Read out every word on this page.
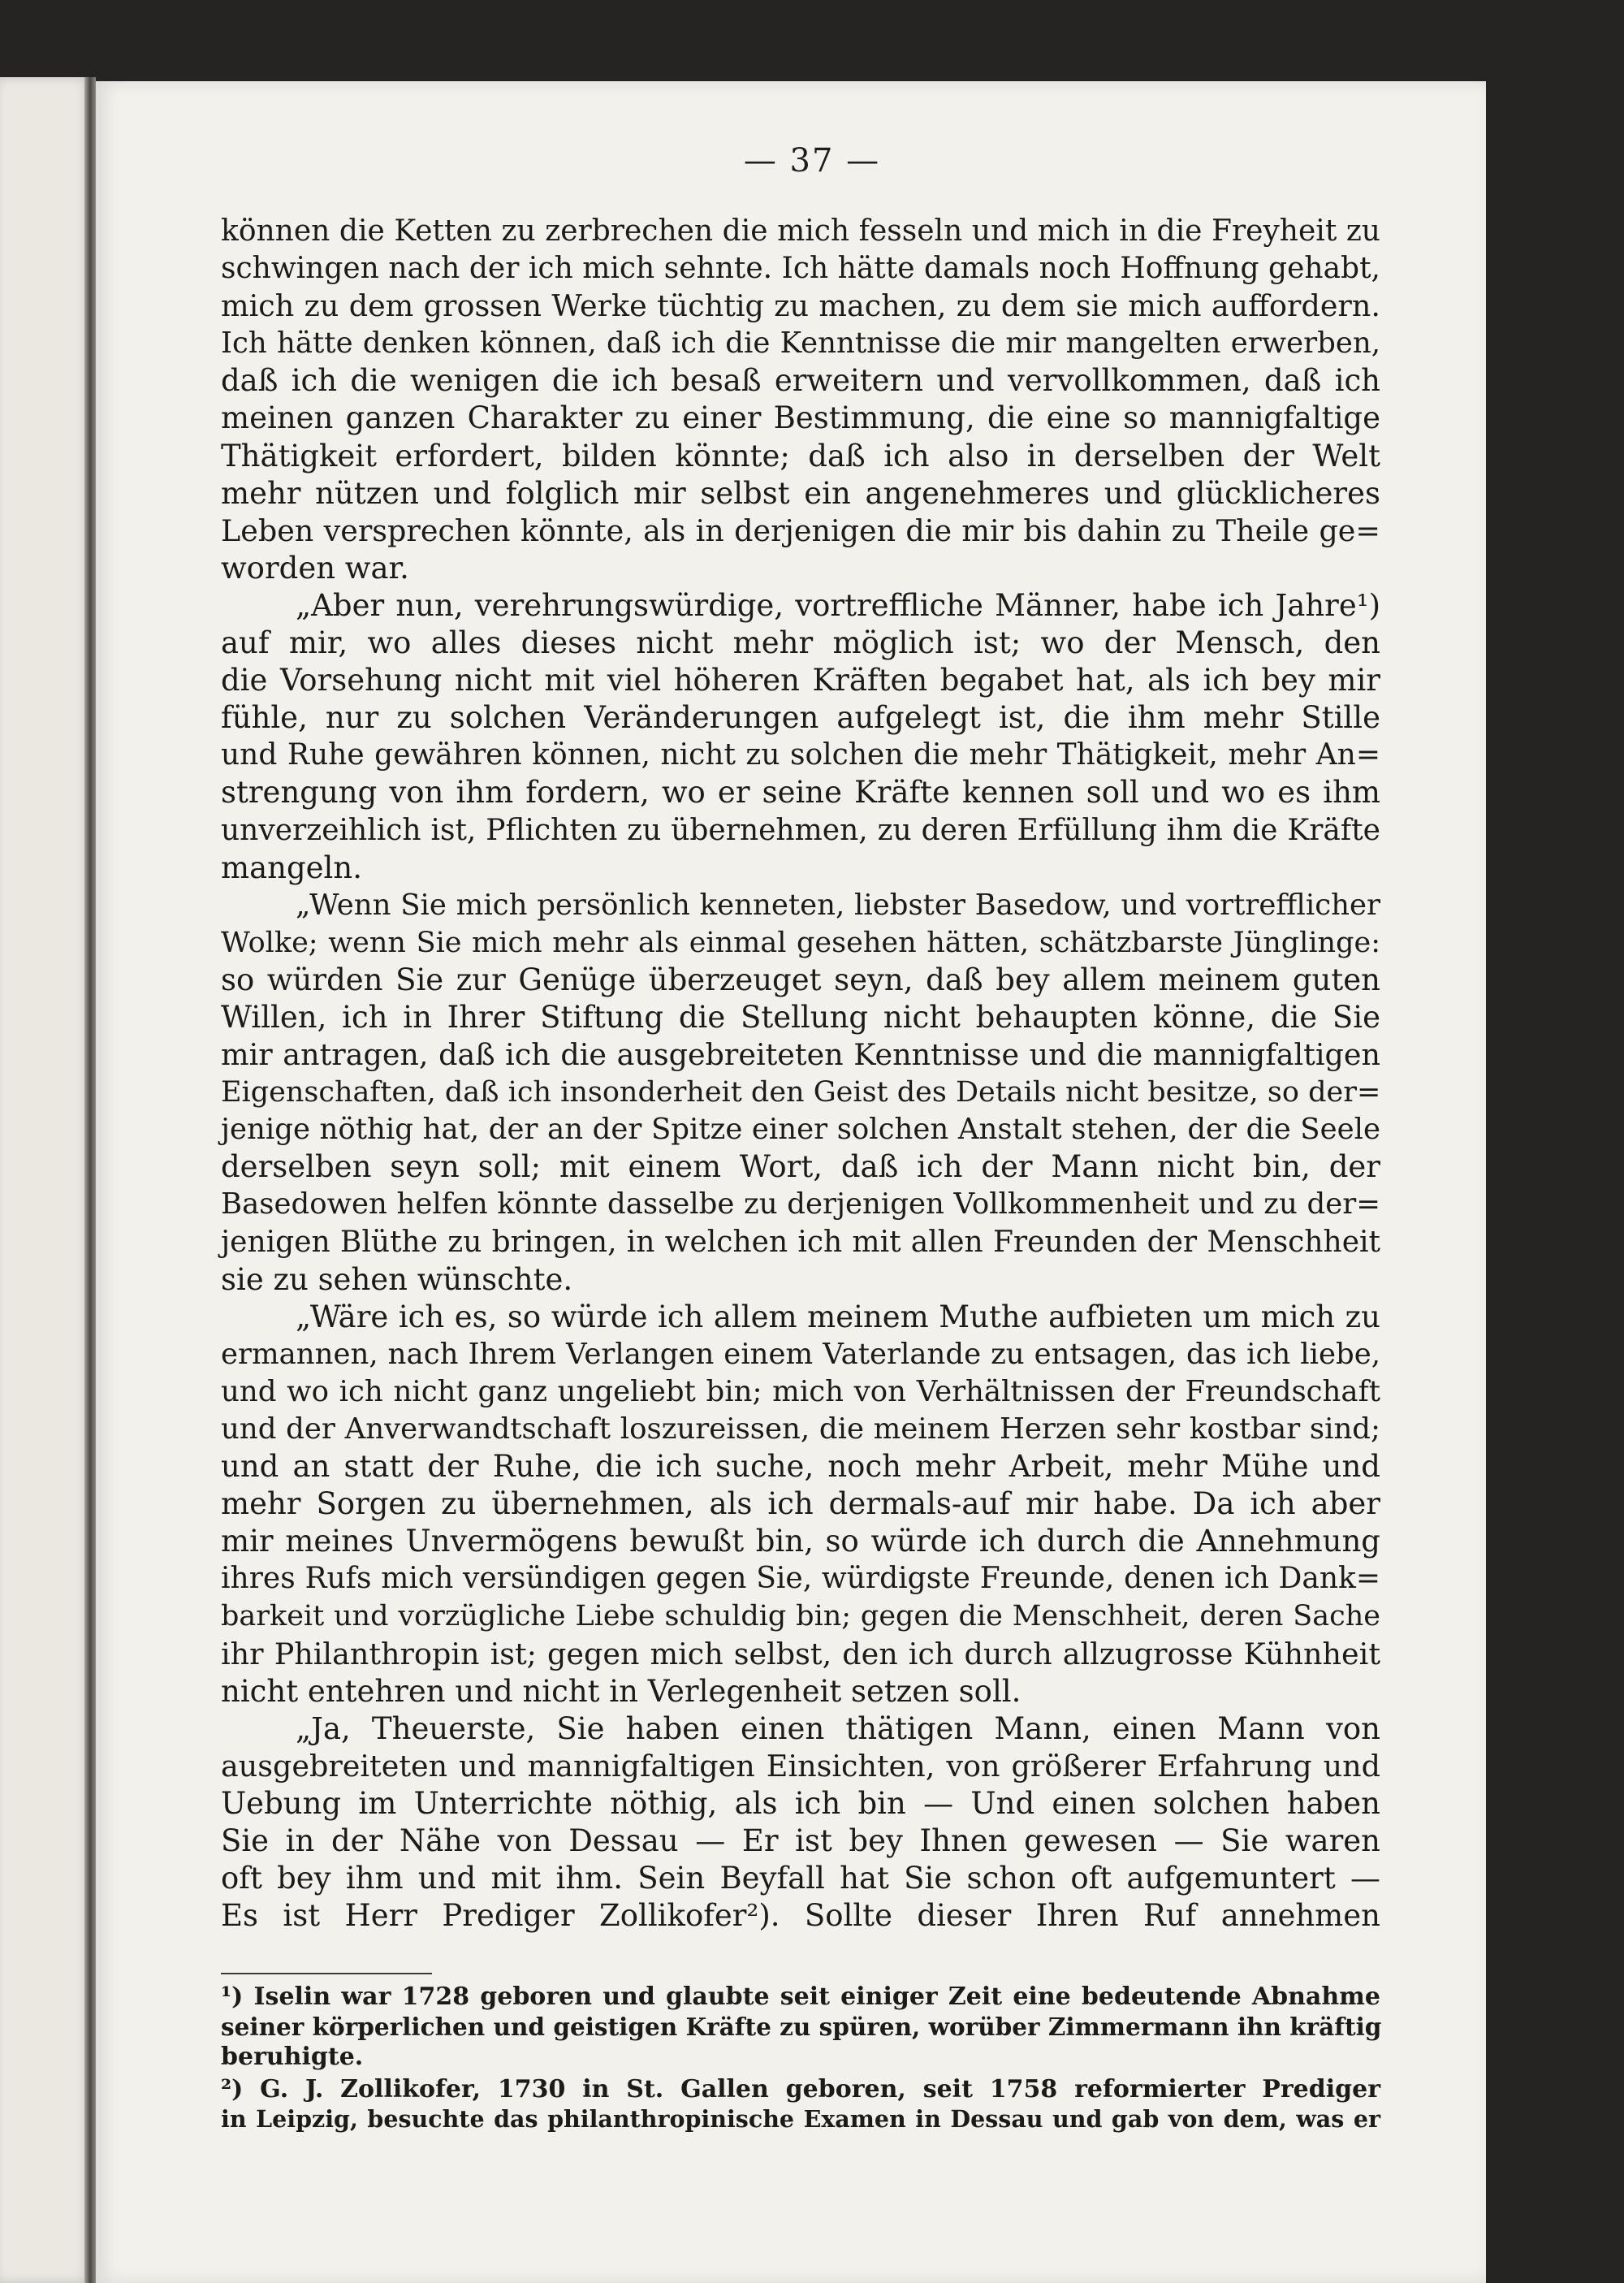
— 37 —
können die Ketten zu zerbrechen die mich fesseln und mich in die Freyheit zu
schwingen nach der ich mich sehnte. Ich hätte damals noch Hoffnung gehabt,
mich zu dem grossen Werke tüchtig zu machen, zu dem sie mich auffordern.
Ich hätte denken können, daß ich die Kenntnisse die mir mangelten erwerben,
daß ich die wenigen die ich besaß erweitern und vervollkommen, daß ich
meinen ganzen Charakter zu einer Bestimmung, die eine so mannigfaltige
Thätigkeit erfordert, bilden könnte; daß ich also in derselben der Welt
mehr nützen und folglich mir selbst ein angenehmeres und glücklicheres
Leben versprechen könnte, als in derjenigen die mir bis dahin zu Theile ge=
worden war.
„Aber nun, verehrungswürdige, vortreffliche Männer, habe ich Jahre¹)
auf mir, wo alles dieses nicht mehr möglich ist; wo der Mensch, den
die Vorsehung nicht mit viel höheren Kräften begabet hat, als ich bey mir
fühle, nur zu solchen Veränderungen aufgelegt ist, die ihm mehr Stille
und Ruhe gewähren können, nicht zu solchen die mehr Thätigkeit, mehr An=
strengung von ihm fordern, wo er seine Kräfte kennen soll und wo es ihm
unverzeihlich ist, Pflichten zu übernehmen, zu deren Erfüllung ihm die Kräfte
mangeln.
„Wenn Sie mich persönlich kenneten, liebster Basedow, und vortrefflicher
Wolke; wenn Sie mich mehr als einmal gesehen hätten, schätzbarste Jünglinge:
so würden Sie zur Genüge überzeuget seyn, daß bey allem meinem guten
Willen, ich in Ihrer Stiftung die Stellung nicht behaupten könne, die Sie
mir antragen, daß ich die ausgebreiteten Kenntnisse und die mannigfaltigen
Eigenschaften, daß ich insonderheit den Geist des Details nicht besitze, so der=
jenige nöthig hat, der an der Spitze einer solchen Anstalt stehen, der die Seele
derselben seyn soll; mit einem Wort, daß ich der Mann nicht bin, der
Basedowen helfen könnte dasselbe zu derjenigen Vollkommenheit und zu der=
jenigen Blüthe zu bringen, in welchen ich mit allen Freunden der Menschheit
sie zu sehen wünschte.
„Wäre ich es, so würde ich allem meinem Muthe aufbieten um mich zu
ermannen, nach Ihrem Verlangen einem Vaterlande zu entsagen, das ich liebe,
und wo ich nicht ganz ungeliebt bin; mich von Verhältnissen der Freundschaft
und der Anverwandtschaft loszureissen, die meinem Herzen sehr kostbar sind;
und an statt der Ruhe, die ich suche, noch mehr Arbeit, mehr Mühe und
mehr Sorgen zu übernehmen, als ich dermals-auf mir habe. Da ich aber
mir meines Unvermögens bewußt bin, so würde ich durch die Annehmung
ihres Rufs mich versündigen gegen Sie, würdigste Freunde, denen ich Dank=
barkeit und vorzügliche Liebe schuldig bin; gegen die Menschheit, deren Sache
ihr Philanthropin ist; gegen mich selbst, den ich durch allzugrosse Kühnheit
nicht entehren und nicht in Verlegenheit setzen soll.
„Ja, Theuerste, Sie haben einen thätigen Mann, einen Mann von
ausgebreiteten und mannigfaltigen Einsichten, von größerer Erfahrung und
Uebung im Unterrichte nöthig, als ich bin — Und einen solchen haben
Sie in der Nähe von Dessau — Er ist bey Ihnen gewesen — Sie waren
oft bey ihm und mit ihm. Sein Beyfall hat Sie schon oft aufgemuntert —
Es ist Herr Prediger Zollikofer²). Sollte dieser Ihren Ruf annehmen
¹) Iselin war 1728 geboren und glaubte seit einiger Zeit eine bedeutende Abnahme
seiner körperlichen und geistigen Kräfte zu spüren, worüber Zimmermann ihn kräftig
beruhigte.
²) G. J. Zollikofer, 1730 in St. Gallen geboren, seit 1758 reformierter Prediger
in Leipzig, besuchte das philanthropinische Examen in Dessau und gab von dem, was er
